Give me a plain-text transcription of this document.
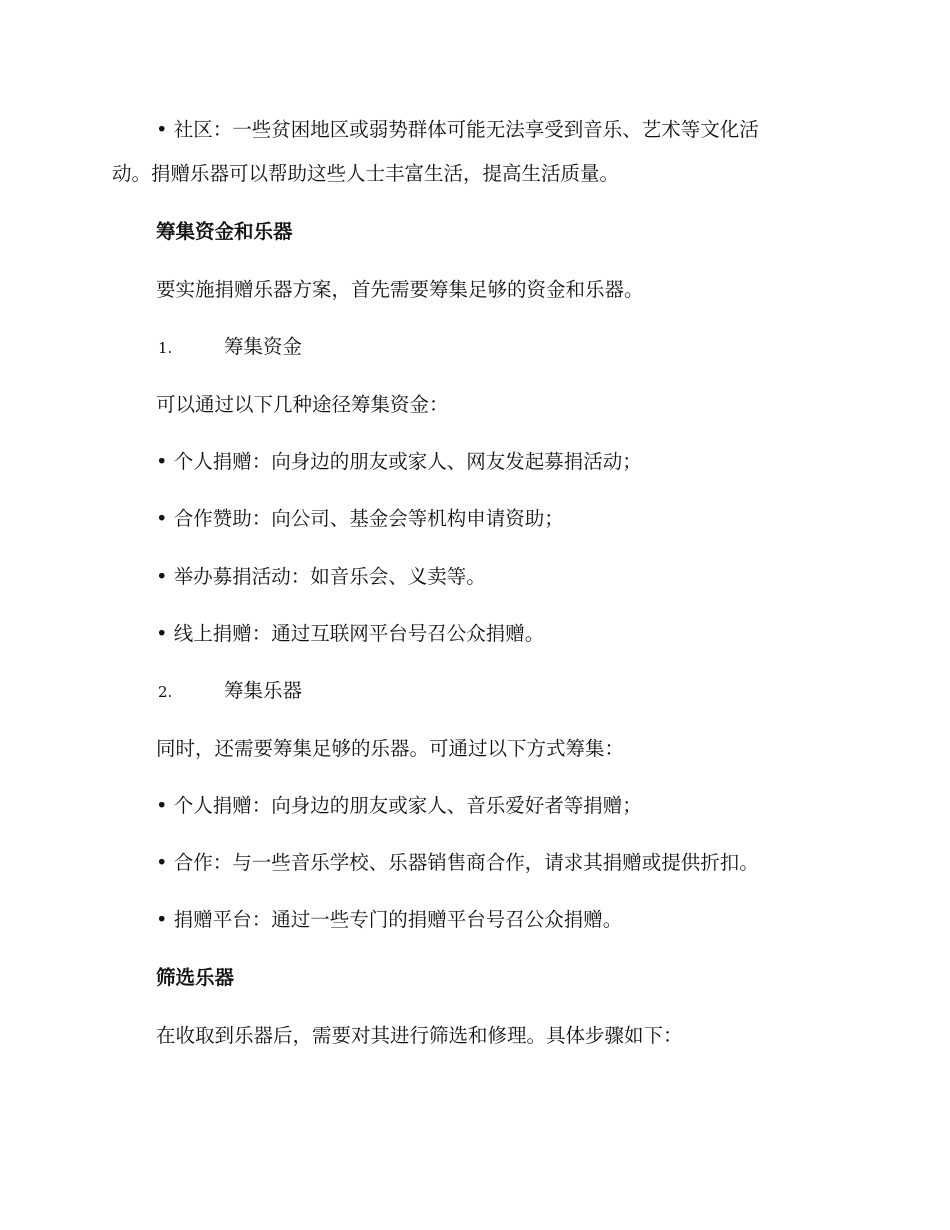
• 社区：一些贫困地区或弱势群体可能无法享受到音乐、艺术等文化活
动。捐赠乐器可以帮助这些人士丰富生活，提高生活质量。
筹集资金和乐器
要实施捐赠乐器方案，首先需要筹集足够的资金和乐器。
1.	筹集资金
可以通过以下几种途径筹集资金：
• 个人捐赠：向身边的朋友或家人、网友发起募捐活动；
• 合作赞助：向公司、基金会等机构申请资助；
• 举办募捐活动：如音乐会、义卖等。
• 线上捐赠：通过互联网平台号召公众捐赠。
2.	筹集乐器
同时，还需要筹集足够的乐器。可通过以下方式筹集：
• 个人捐赠：向身边的朋友或家人、音乐爱好者等捐赠；
• 合作：与一些音乐学校、乐器销售商合作，请求其捐赠或提供折扣。
• 捐赠平台：通过一些专门的捐赠平台号召公众捐赠。
筛选乐器
在收取到乐器后，需要对其进行筛选和修理。具体步骤如下：
